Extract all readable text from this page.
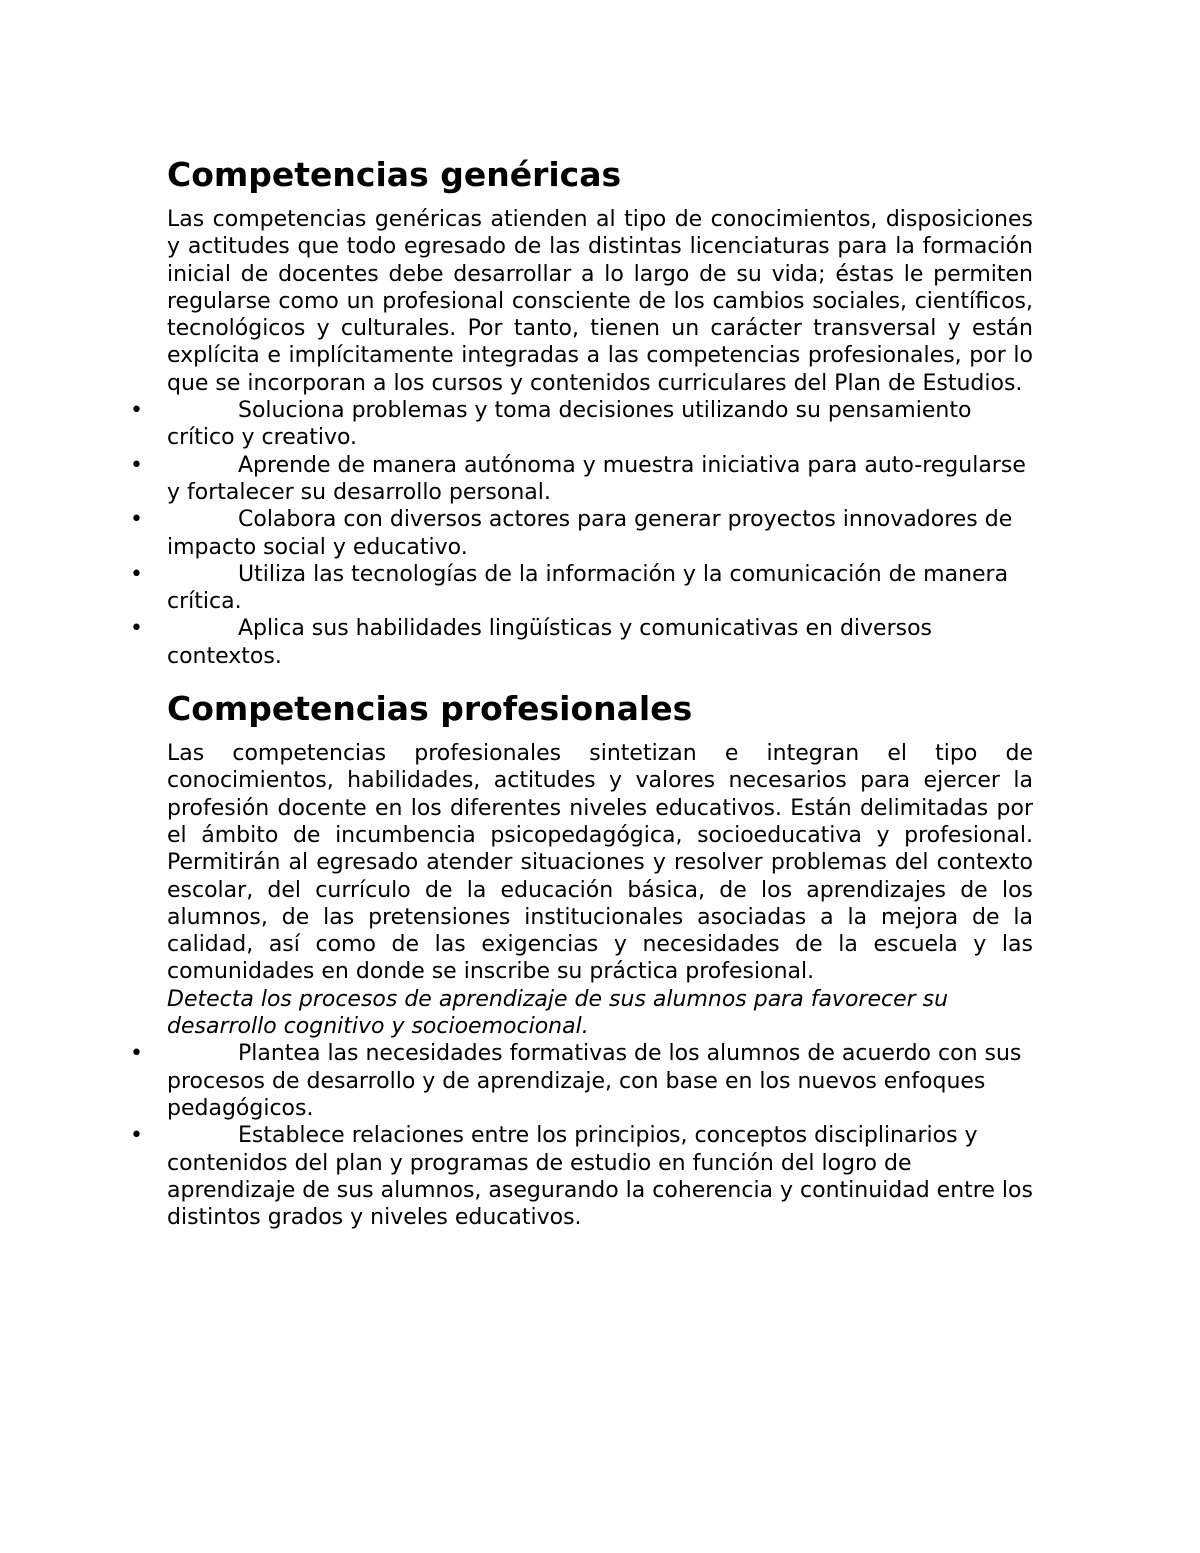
Competencias genéricas

Las competencias genéricas atienden al tipo de conocimientos, disposiciones y actitudes que todo egresado de las distintas licenciaturas para la formación inicial de docentes debe desarrollar a lo largo de su vida; éstas le permiten regularse como un profesional consciente de los cambios sociales, científicos, tecnológicos y culturales. Por tanto, tienen un carácter transversal y están explícita e implícitamente integradas a las competencias profesionales, por lo que se incorporan a los cursos y contenidos curriculares del Plan de Estudios.

•	Soluciona problemas y toma decisiones utilizando su pensamiento crítico y creativo.
•	Aprende de manera autónoma y muestra iniciativa para auto-regularse y fortalecer su desarrollo personal.
•	Colabora con diversos actores para generar proyectos innovadores de impacto social y educativo.
•	Utiliza las tecnologías de la información y la comunicación de manera crítica.
•	Aplica sus habilidades lingüísticas y comunicativas en diversos contextos.
Competencias profesionales

Las competencias profesionales sintetizan e integran el tipo de conocimientos, habilidades, actitudes y valores necesarios para ejercer la profesión docente en los diferentes niveles educativos. Están delimitadas por el ámbito de incumbencia psicopedagógica, socioeducativa y profesional. Permitirán al egresado atender situaciones y resolver problemas del contexto escolar, del currículo de la educación básica, de los aprendizajes de los alumnos, de las pretensiones institucionales asociadas a la mejora de la calidad, así como de las exigencias y necesidades de la escuela y las comunidades en donde se inscribe su práctica profesional.

Detecta los procesos de aprendizaje de sus alumnos para favorecer su desarrollo cognitivo y socioemocional.

•	Plantea las necesidades formativas de los alumnos de acuerdo con sus procesos de desarrollo y de aprendizaje, con base en los nuevos enfoques pedagógicos.
•	Establece relaciones entre los principios, conceptos disciplinarios y contenidos del plan y programas de estudio en función del logro de aprendizaje de sus alumnos, asegurando la coherencia y continuidad entre los distintos grados y niveles educativos.
